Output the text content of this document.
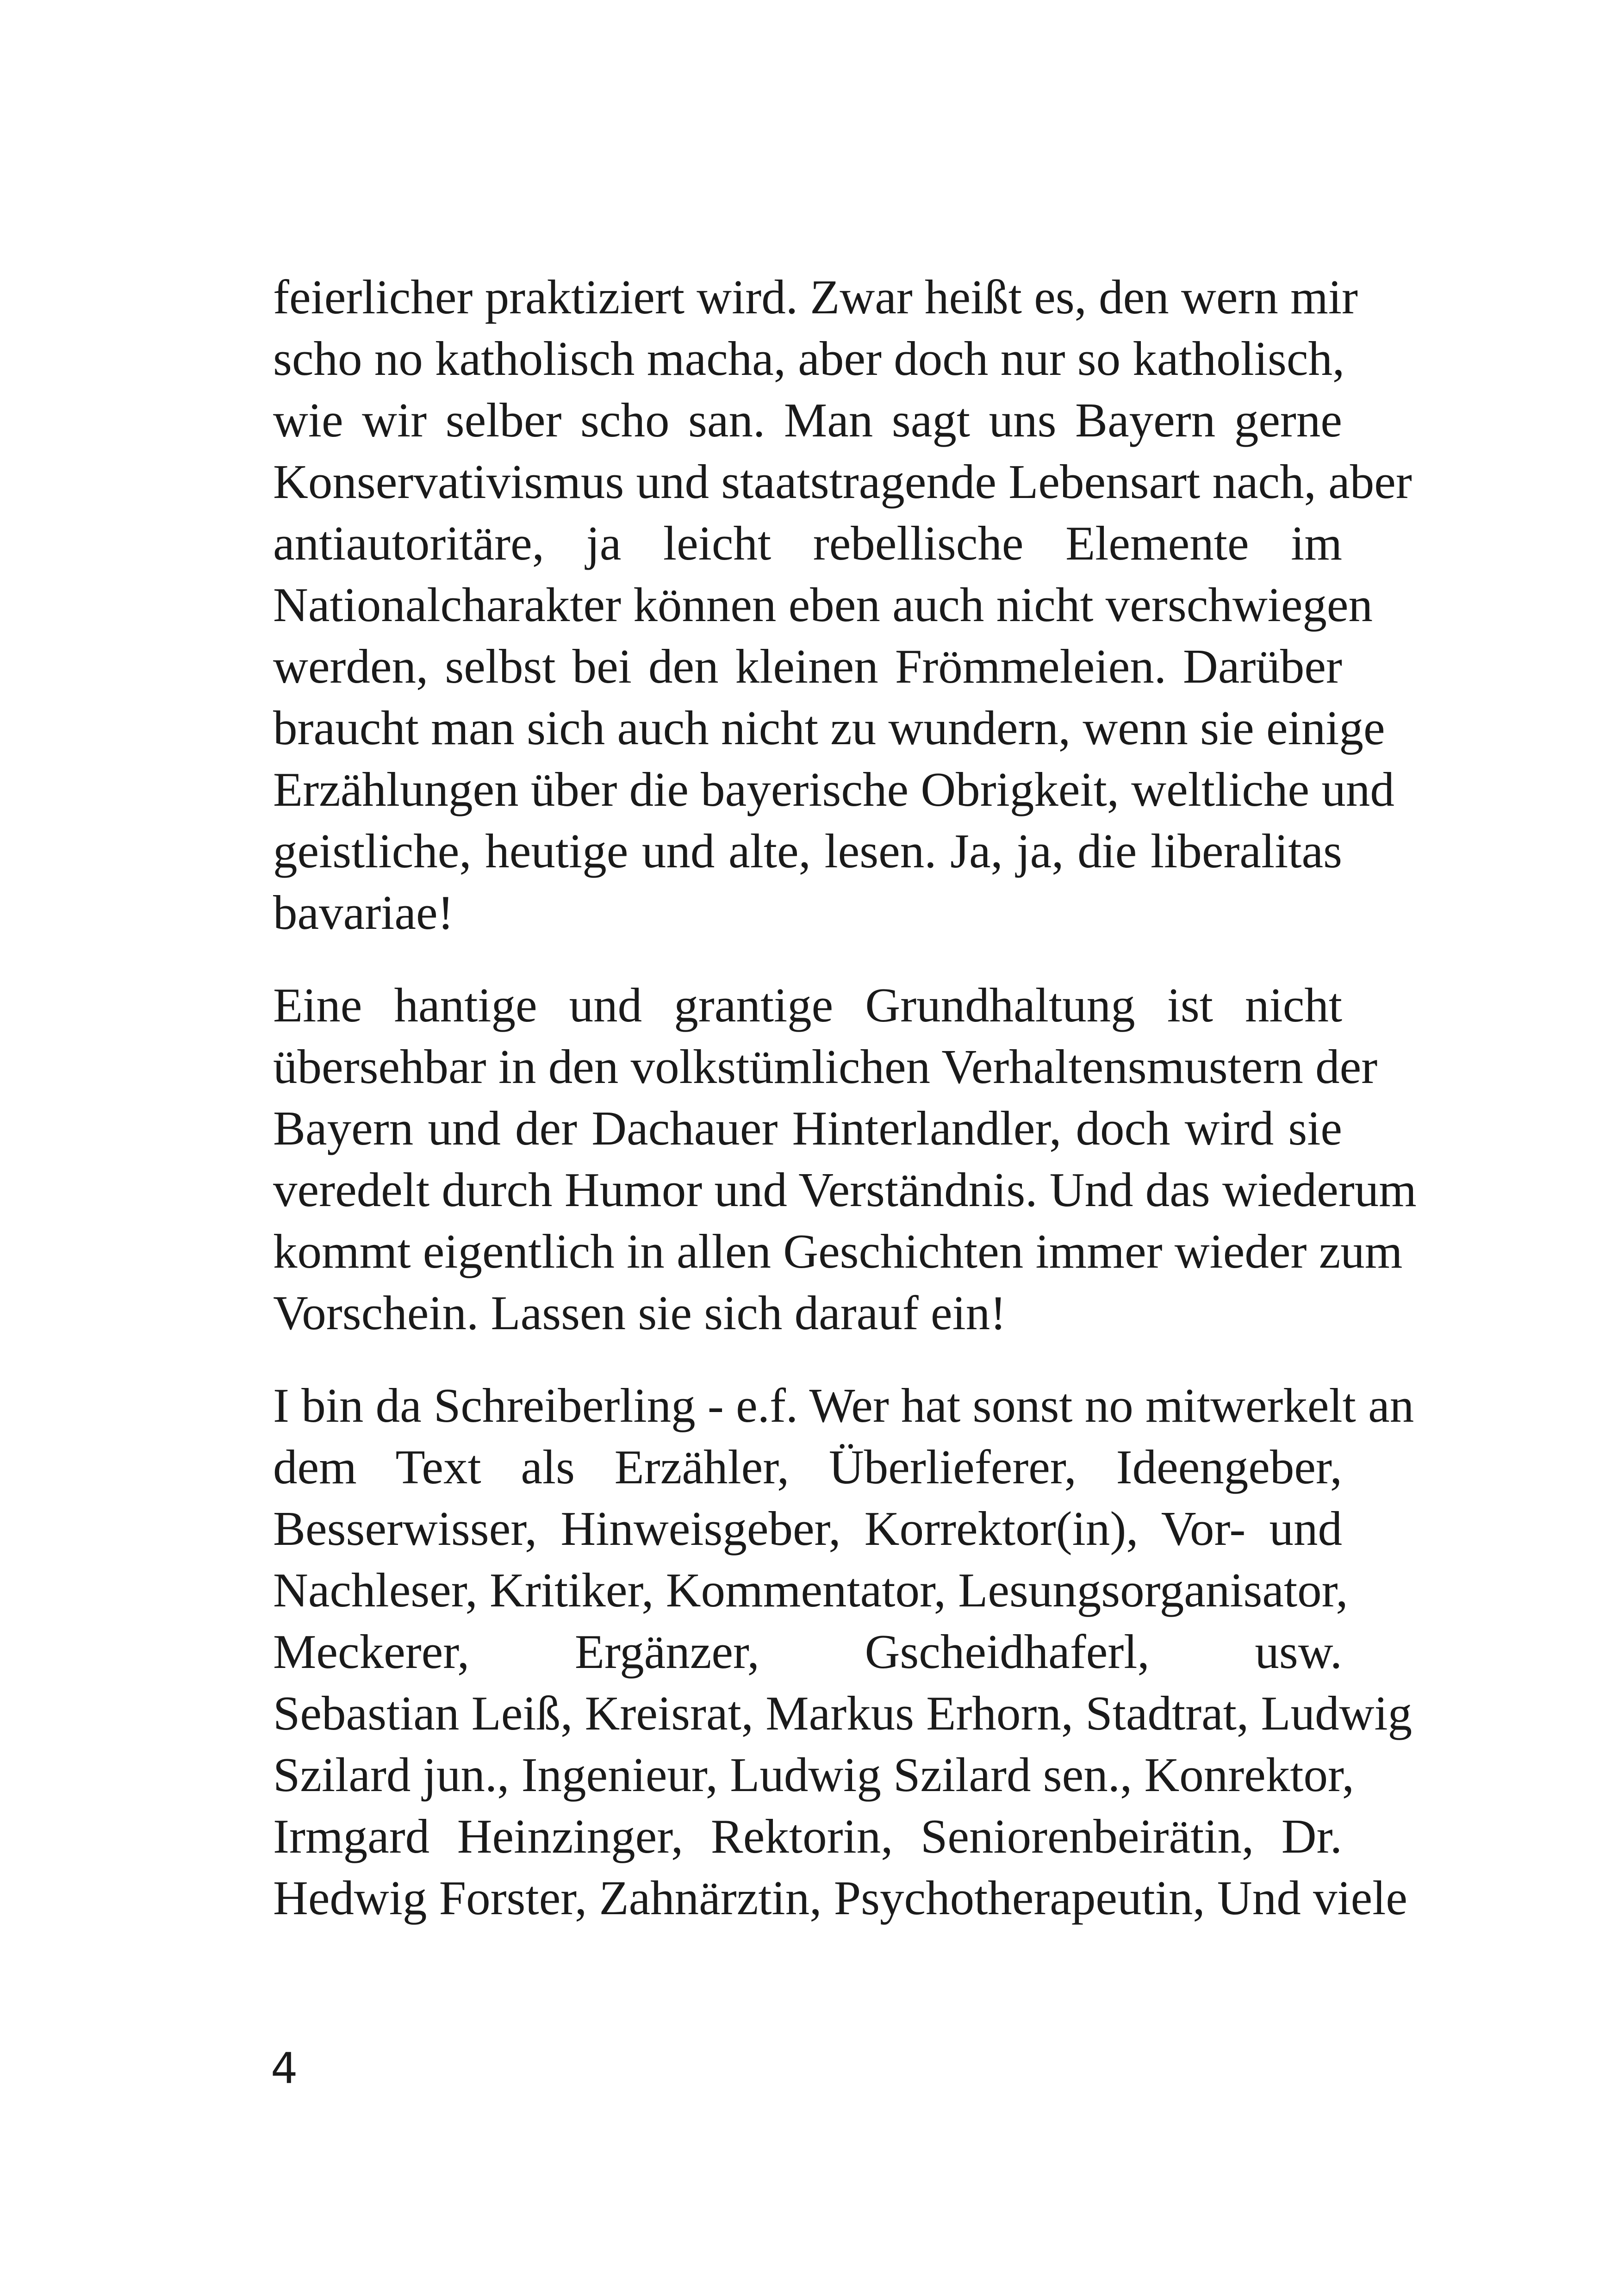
feierlicher praktiziert wird. Zwar heißt es, den wern mir
scho no katholisch macha, aber doch nur so katholisch,
wie wir selber scho san. Man sagt uns Bayern gerne
Konservativismus und staatstragende Lebensart nach, aber
antiautoritäre, ja leicht rebellische Elemente im
Nationalcharakter können eben auch nicht verschwiegen
werden, selbst bei den kleinen Frömmeleien. Darüber
braucht man sich auch nicht zu wundern, wenn sie einige
Erzählungen über die bayerische Obrigkeit, weltliche und
geistliche, heutige und alte, lesen. Ja, ja, die liberalitas
bavariae!
Eine hantige und grantige Grundhaltung ist nicht
übersehbar in den volkstümlichen Verhaltensmustern der
Bayern und der Dachauer Hinterlandler, doch wird sie
veredelt durch Humor und Verständnis. Und das wiederum
kommt eigentlich in allen Geschichten immer wieder zum
Vorschein. Lassen sie sich darauf ein!
I bin da Schreiberling - e.f. Wer hat sonst no mitwerkelt an
dem Text als Erzähler, Überlieferer, Ideengeber,
Besserwisser, Hinweisgeber, Korrektor(in), Vor- und
Nachleser, Kritiker, Kommentator, Lesungsorganisator,
Meckerer, Ergänzer, Gscheidhaferl, usw.
Sebastian Leiß, Kreisrat, Markus Erhorn, Stadtrat, Ludwig
Szilard jun., Ingenieur, Ludwig Szilard sen., Konrektor,
Irmgard Heinzinger, Rektorin, Seniorenbeirätin, Dr.
Hedwig Forster, Zahnärztin, Psychotherapeutin, Und viele
4
